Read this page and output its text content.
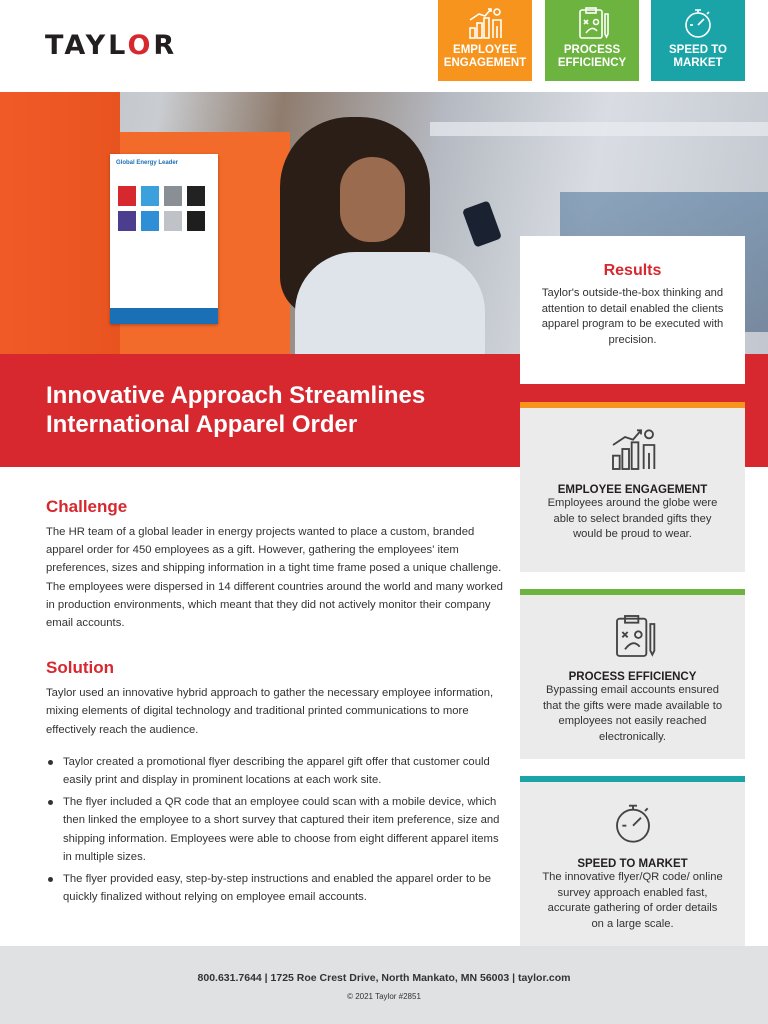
TAYLOR	EMPLOYEE ENGAGEMENT
PROCESS EFFICIENCY
SPEED TO MARKET
Global Energy Leader
Innovative Approach Streamlines International Apparel Order
Results

Taylor's outside-the-box thinking and attention to detail enabled the clients apparel program to be executed with precision.

EMPLOYEE ENGAGEMENT

Employees around the globe were able to select branded gifts they would be proud to wear.

PROCESS EFFICIENCY

Bypassing email accounts ensured that the gifts were made available to employees not easily reached electronically.

SPEED TO MARKET

The innovative flyer/QR code/ online survey approach enabled fast, accurate gathering of order details on a large scale.

Challenge

The HR team of a global leader in energy projects wanted to place a custom, branded apparel order for 450 employees as a gift. However, gathering the employees' item preferences, sizes and shipping information in a tight time frame posed a unique challenge. The employees were dispersed in 14 different countries around the world and many worked in production environments, which meant that they did not actively monitor their company email accounts.

Solution

Taylor used an innovative hybrid approach to gather the necessary employee information, mixing elements of digital technology and traditional printed communications to more effectively reach the audience.

Taylor created a promotional flyer describing the apparel gift offer that customer could easily print and display in prominent locations at each work site.
The flyer included a QR code that an employee could scan with a mobile device, which then linked the employee to a short survey that captured their item preference, size and shipping information. Employees were able to choose from eight different apparel items in multiple sizes.
The flyer provided easy, step-by-step instructions and enabled the apparel order to be quickly finalized without relying on employee email accounts.
800.631.7644 | 1725 Roe Crest Drive, North Mankato, MN 56003 | taylor.com
© 2021 Taylor #2851
